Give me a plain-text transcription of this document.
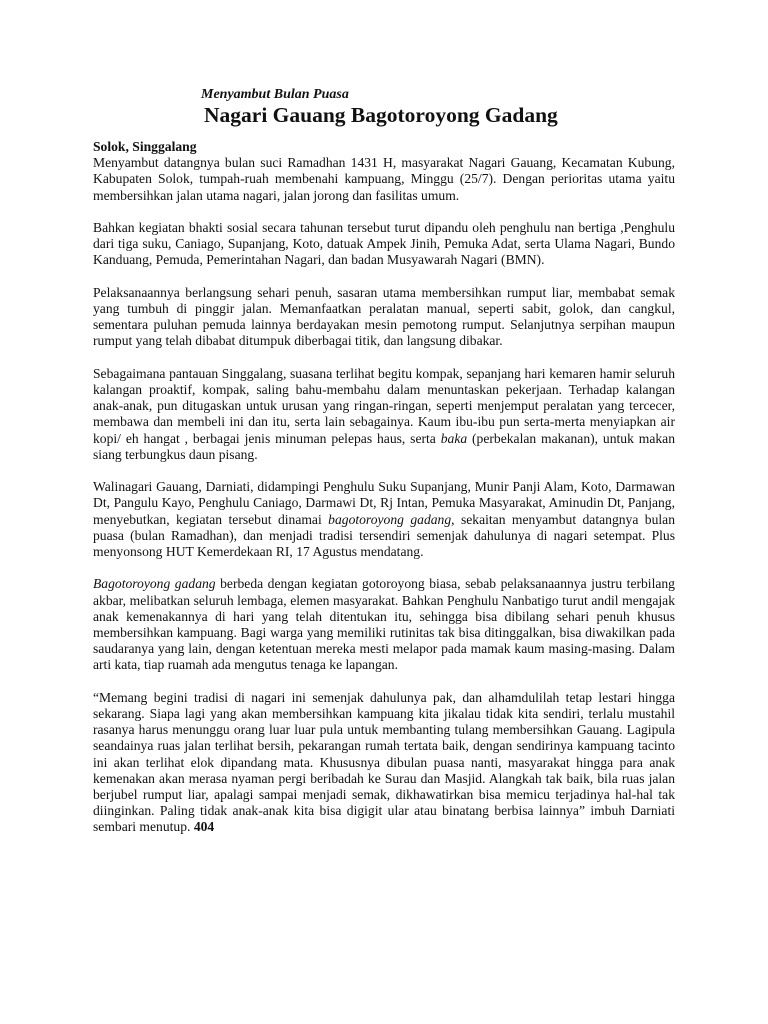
Menyambut Bulan Puasa
Nagari Gauang Bagotoroyong Gadang
Solok, Singgalang

Menyambut datangnya bulan suci Ramadhan 1431 H, masyarakat Nagari Gauang, Kecamatan Kubung, Kabupaten Solok, tumpah-ruah membenahi kampuang, Minggu (25/7). Dengan perioritas utama yaitu membersihkan jalan utama nagari, jalan jorong dan fasilitas umum.

Bahkan kegiatan bhakti sosial secara tahunan tersebut turut dipandu oleh penghulu nan bertiga ,Penghulu dari tiga suku, Caniago, Supanjang, Koto, datuak Ampek Jinih, Pemuka Adat, serta Ulama Nagari, Bundo Kanduang, Pemuda, Pemerintahan Nagari, dan badan Musyawarah Nagari (BMN).

Pelaksanaannya berlangsung sehari penuh, sasaran utama membersihkan rumput liar, membabat semak yang tumbuh di pinggir jalan. Memanfaatkan peralatan manual, seperti sabit, golok, dan cangkul, sementara puluhan pemuda lainnya berdayakan mesin pemotong rumput. Selanjutnya serpihan maupun rumput yang telah dibabat ditumpuk diberbagai titik, dan langsung dibakar.

Sebagaimana pantauan Singgalang, suasana terlihat begitu kompak, sepanjang hari kemaren hamir seluruh kalangan proaktif, kompak, saling bahu-membahu dalam menuntaskan pekerjaan. Terhadap kalangan anak-anak, pun ditugaskan untuk urusan yang ringan-ringan, seperti menjemput peralatan yang tercecer, membawa dan membeli ini dan itu, serta lain sebagainya. Kaum ibu-ibu pun serta-merta menyiapkan air kopi/ eh hangat , berbagai jenis minuman pelepas haus, serta baka (perbekalan makanan), untuk makan siang terbungkus daun pisang.

Walinagari Gauang, Darniati, didampingi Penghulu Suku Supanjang, Munir Panji Alam, Koto, Darmawan Dt, Pangulu Kayo, Penghulu Caniago, Darmawi Dt, Rj Intan, Pemuka Masyarakat, Aminudin Dt, Panjang, menyebutkan, kegiatan tersebut dinamai bagotoroyong gadang, sekaitan menyambut datangnya bulan puasa (bulan Ramadhan), dan menjadi tradisi tersendiri semenjak dahulunya di nagari setempat. Plus menyonsong HUT Kemerdekaan RI, 17 Agustus mendatang.

Bagotoroyong gadang berbeda dengan kegiatan gotoroyong biasa, sebab pelaksanaannya justru terbilang akbar, melibatkan seluruh lembaga, elemen masyarakat. Bahkan Penghulu Nanbatigo turut andil mengajak anak kemenakannya di hari yang telah ditentukan itu, sehingga bisa dibilang sehari penuh khusus membersihkan kampuang. Bagi warga yang memiliki rutinitas tak bisa ditinggalkan, bisa diwakilkan pada saudaranya yang lain, dengan ketentuan mereka mesti melapor pada mamak kaum masing-masing. Dalam arti kata, tiap ruamah ada mengutus tenaga ke lapangan.

“Memang begini tradisi di nagari ini semenjak dahulunya pak, dan alhamdulilah tetap lestari hingga sekarang. Siapa lagi yang akan membersihkan kampuang kita jikalau tidak kita sendiri, terlalu mustahil rasanya harus menunggu orang luar luar pula untuk membanting tulang membersihkan Gauang. Lagipula seandainya ruas jalan terlihat bersih, pekarangan rumah tertata baik, dengan sendirinya kampuang tacinto ini akan terlihat elok dipandang mata. Khususnya dibulan puasa nanti, masyarakat hingga para anak kemenakan akan merasa nyaman pergi beribadah ke Surau dan Masjid. Alangkah tak baik, bila ruas jalan berjubel rumput liar, apalagi sampai menjadi semak, dikhawatirkan bisa memicu terjadinya hal-hal tak diinginkan. Paling tidak anak-anak kita bisa digigit ular atau binatang berbisa lainnya” imbuh Darniati sembari menutup. 404
